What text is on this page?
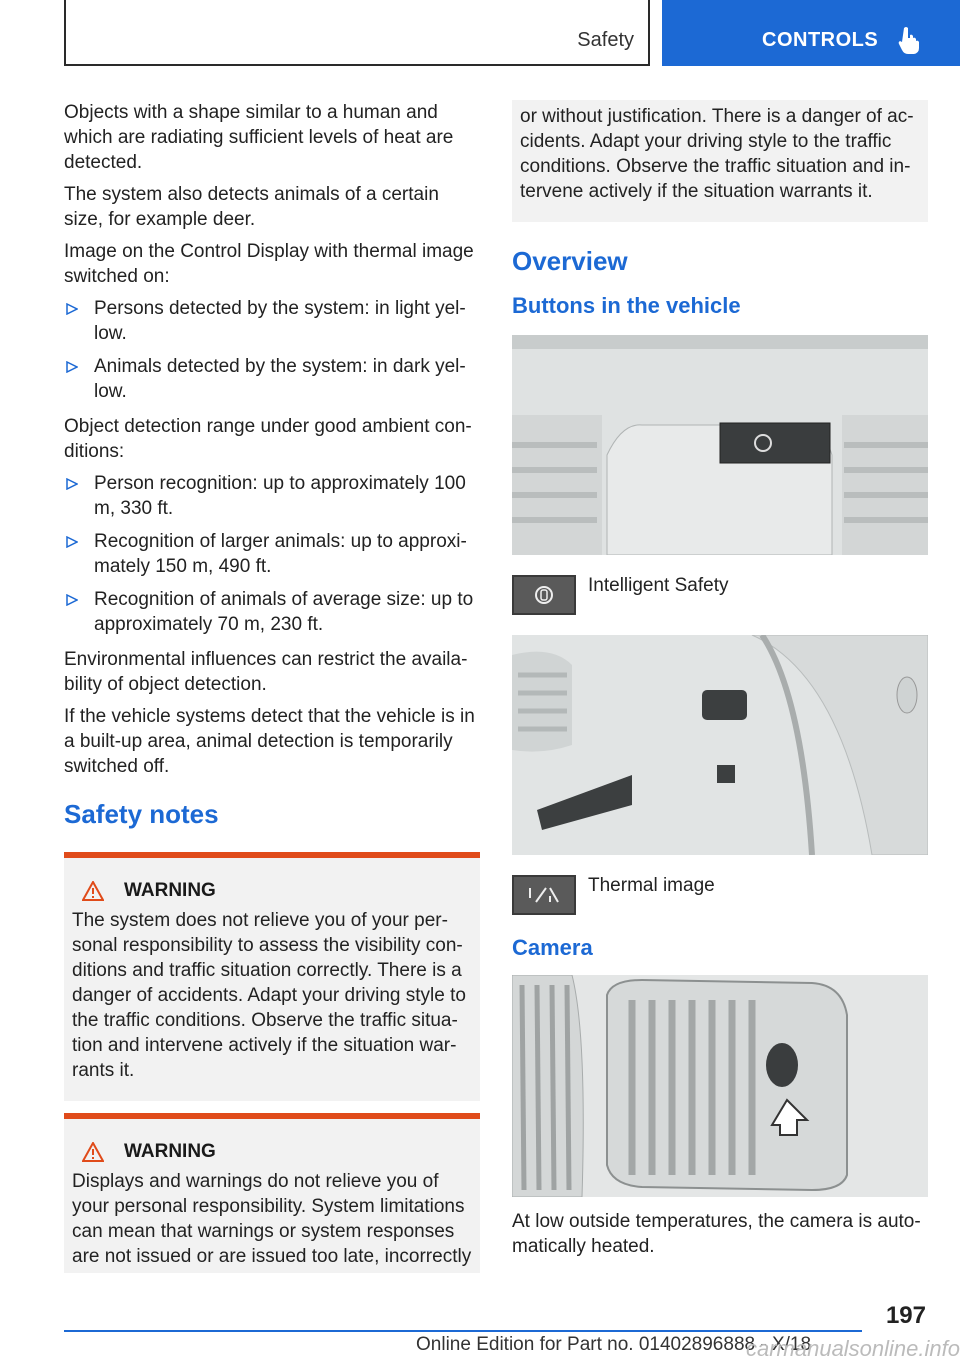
Safety	CONTROLS

Objects with a shape similar to a human and which are radiating sufficient levels of heat are detected.

The system also detects animals of a certain size, for example deer.

Image on the Control Display with thermal image switched on:

Persons detected by the system: in light yel‐ low.
Animals detected by the system: in dark yel‐ low.

Object detection range under good ambient con‐ ditions:

Person recognition: up to approximately 100 m, 330 ft.
Recognition of larger animals: up to approxi‐ mately 150 m, 490 ft.
Recognition of animals of average size: up to approximately 70 m, 230 ft.

Environmental influences can restrict the availa‐ bility of object detection.

If the vehicle systems detect that the vehicle is in a built-up area, animal detection is temporarily switched off.

Safety notes
WARNING
The system does not relieve you of your per‐ sonal responsibility to assess the visibility con‐ ditions and traffic situation correctly. There is a danger of accidents. Adapt your driving style to the traffic conditions. Observe the traffic situa‐ tion and intervene actively if the situation war‐ rants it.
WARNING
Displays and warnings do not relieve you of your personal responsibility. System limitations can mean that warnings or system responses are not issued or are issued too late, incorrectly
or without justification. There is a danger of ac‐ cidents. Adapt your driving style to the traffic conditions. Observe the traffic situation and in‐ tervene actively if the situation warrants it.
Overview
Buttons in the vehicle
Intelligent Safety
Thermal image
Camera

At low outside temperatures, the camera is auto‐ matically heated.

197
Online Edition for Part no. 01402896888 - X/18
carmanualsonline.info
